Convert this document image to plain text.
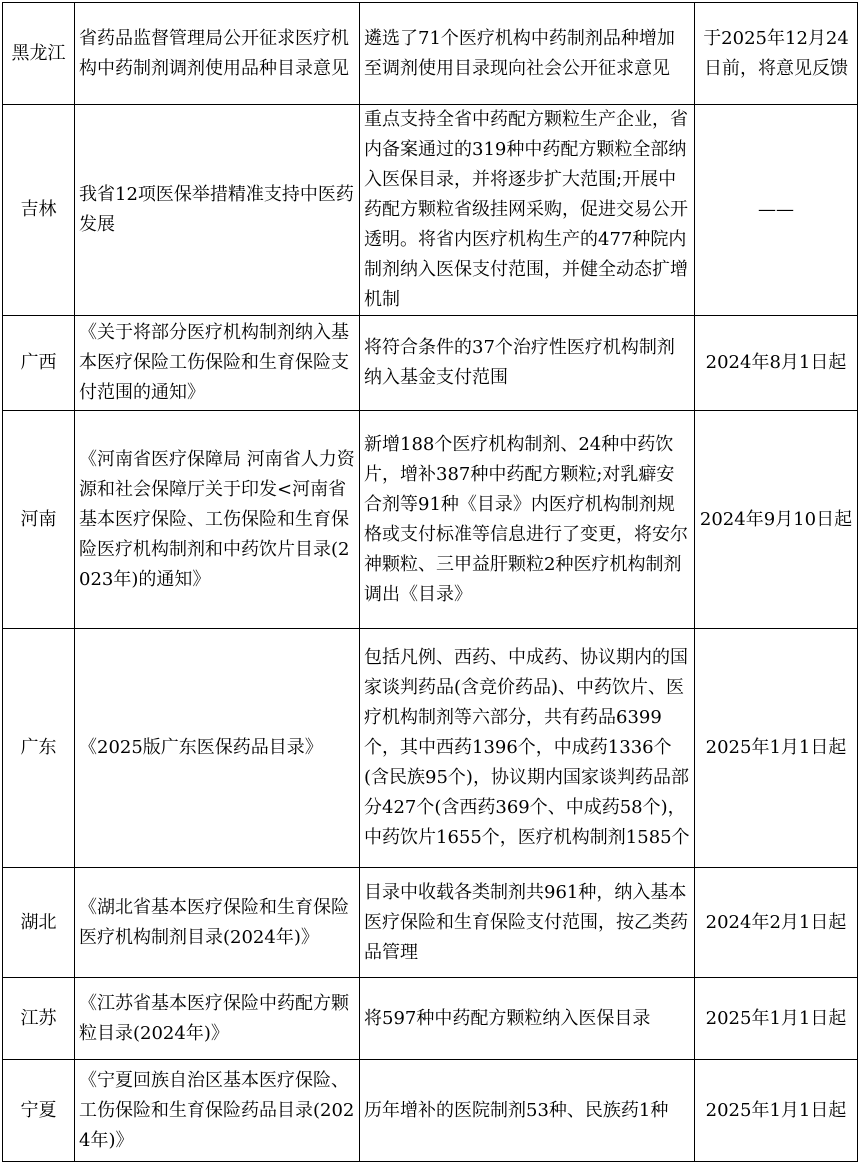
黑龙江	省药品监督管理局公开征求医疗机构中药制剂调剂使用品种目录意见	遴选了71个医疗机构中药制剂品种增加至调剂使用目录现向社会公开征求意见	于2025年12月24日前，将意见反馈
吉林	我省12项医保举措精准支持中医药发展	重点支持全省中药配方颗粒生产企业，省内备案通过的319种中药配方颗粒全部纳入医保目录，并将逐步扩大范围;开展中药配方颗粒省级挂网采购，促进交易公开透明。将省内医疗机构生产的477种院内制剂纳入医保支付范围，并健全动态扩增机制	——
广西	《关于将部分医疗机构制剂纳入基本医疗保险工伤保险和生育保险支付范围的通知》	将符合条件的37个治疗性医疗机构制剂纳入基金支付范围	2024年8月1日起
河南	《河南省医疗保障局 河南省人力资源和社会保障厅关于印发<河南省基本医疗保险、工伤保险和生育保险医疗机构制剂和中药饮片目录(2023年)的通知》	新增188个医疗机构制剂、24种中药饮片，增补387种中药配方颗粒;对乳癖安合剂等91种《目录》内医疗机构制剂规格或支付标准等信息进行了变更，将安尔神颗粒、三甲益肝颗粒2种医疗机构制剂调出《目录》	2024年9月10日起
广东	《2025版广东医保药品目录》	包括凡例、西药、中成药、协议期内的国家谈判药品(含竞价药品)、中药饮片、医疗机构制剂等六部分，共有药品6399个，其中西药1396个，中成药1336个(含民族95个)，协议期内国家谈判药品部分427个(含西药369个、中成药58个)，中药饮片1655个，医疗机构制剂1585个	2025年1月1日起
湖北	《湖北省基本医疗保险和生育保险医疗机构制剂目录(2024年)》	目录中收载各类制剂共961种，纳入基本医疗保险和生育保险支付范围，按乙类药品管理	2024年2月1日起
江苏	《江苏省基本医疗保险中药配方颗粒目录(2024年)》	将597种中药配方颗粒纳入医保目录	2025年1月1日起
宁夏	《宁夏回族自治区基本医疗保险、工伤保险和生育保险药品目录(2024年)》	历年增补的医院制剂53种、民族药1种	2025年1月1日起
